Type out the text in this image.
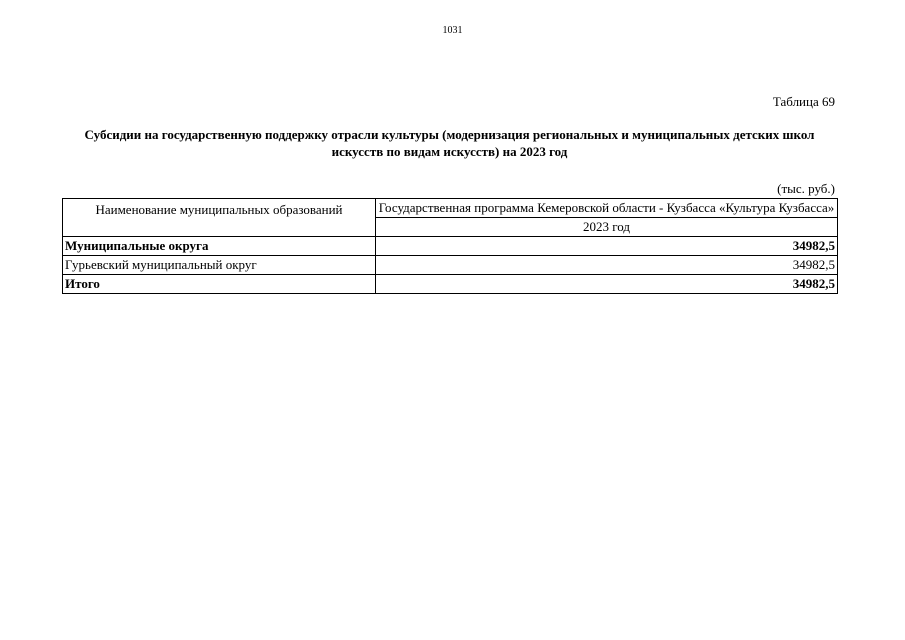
1031
Таблица 69
Субсидии на государственную поддержку отрасли культуры (модернизация региональных и муниципальных детских школ искусств по видам искусств) на 2023 год
(тыс. руб.)
Наименование муниципальных образований	Государственная программа Кемеровской области - Кузбасса «Культура Кузбасса»
	2023 год
Муниципальные округа	34982,5
Гурьевский муниципальный округ	34982,5
Итого	34982,5
